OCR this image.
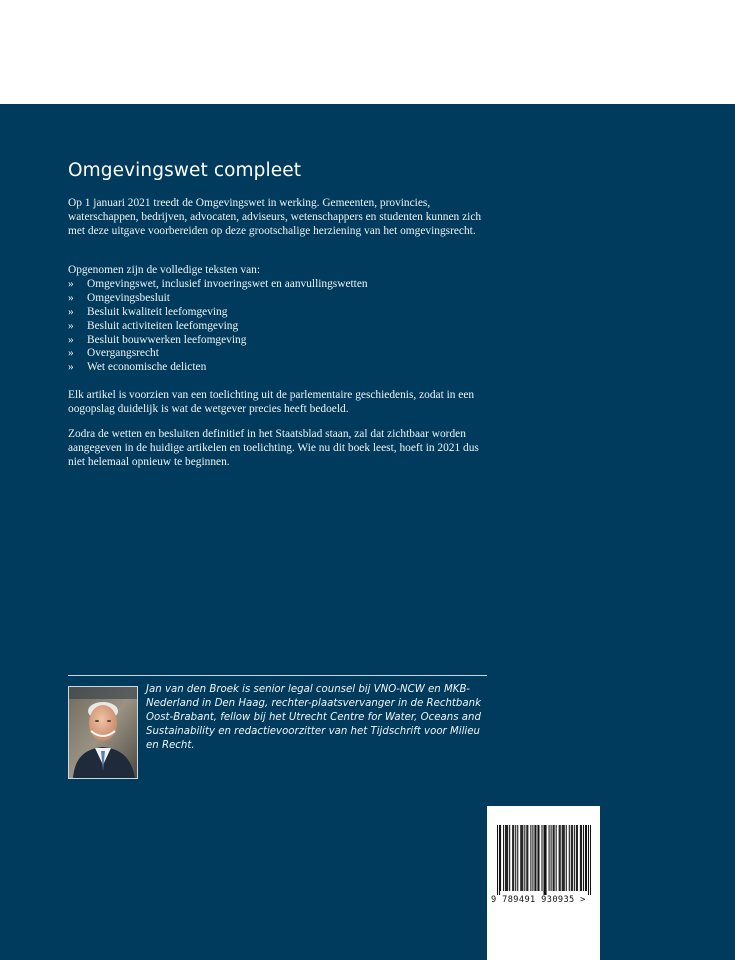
Omgevingswet compleet

Op 1 januari 2021 treedt de Omgevingswet in werking. Gemeenten, provincies, waterschappen, bedrijven, advocaten, adviseurs, wetenschappers en studenten kunnen zich met deze uitgave voorbereiden op deze grootschalige herziening van het omgevingsrecht.

Opgenomen zijn de volledige teksten van:
» Omgevingswet, inclusief invoeringswet en aanvullingswetten
» Omgevingsbesluit
» Besluit kwaliteit leefomgeving
» Besluit activiteiten leefomgeving
» Besluit bouwwerken leefomgeving
» Overgangsrecht
» Wet economische delicten

Elk artikel is voorzien van een toelichting uit de parlementaire geschiedenis, zodat in een oogopslag duidelijk is wat de wetgever precies heeft bedoeld.

Zodra de wetten en besluiten definitief in het Staatsblad staan, zal dat zichtbaar worden aangegeven in de huidige artikelen en toelichting. Wie nu dit boek leest, hoeft in 2021 dus niet helemaal opnieuw te beginnen.

Jan van den Broek is senior legal counsel bij VNO-NCW en MKB-Nederland in Den Haag, rechter-plaatsvervanger in de Rechtbank Oost-Brabant, fellow bij het Utrecht Centre for Water, Oceans and Sustainability en redactievoorzitter van het Tijdschrift voor Milieu en Recht.

9 789491 930935 >
